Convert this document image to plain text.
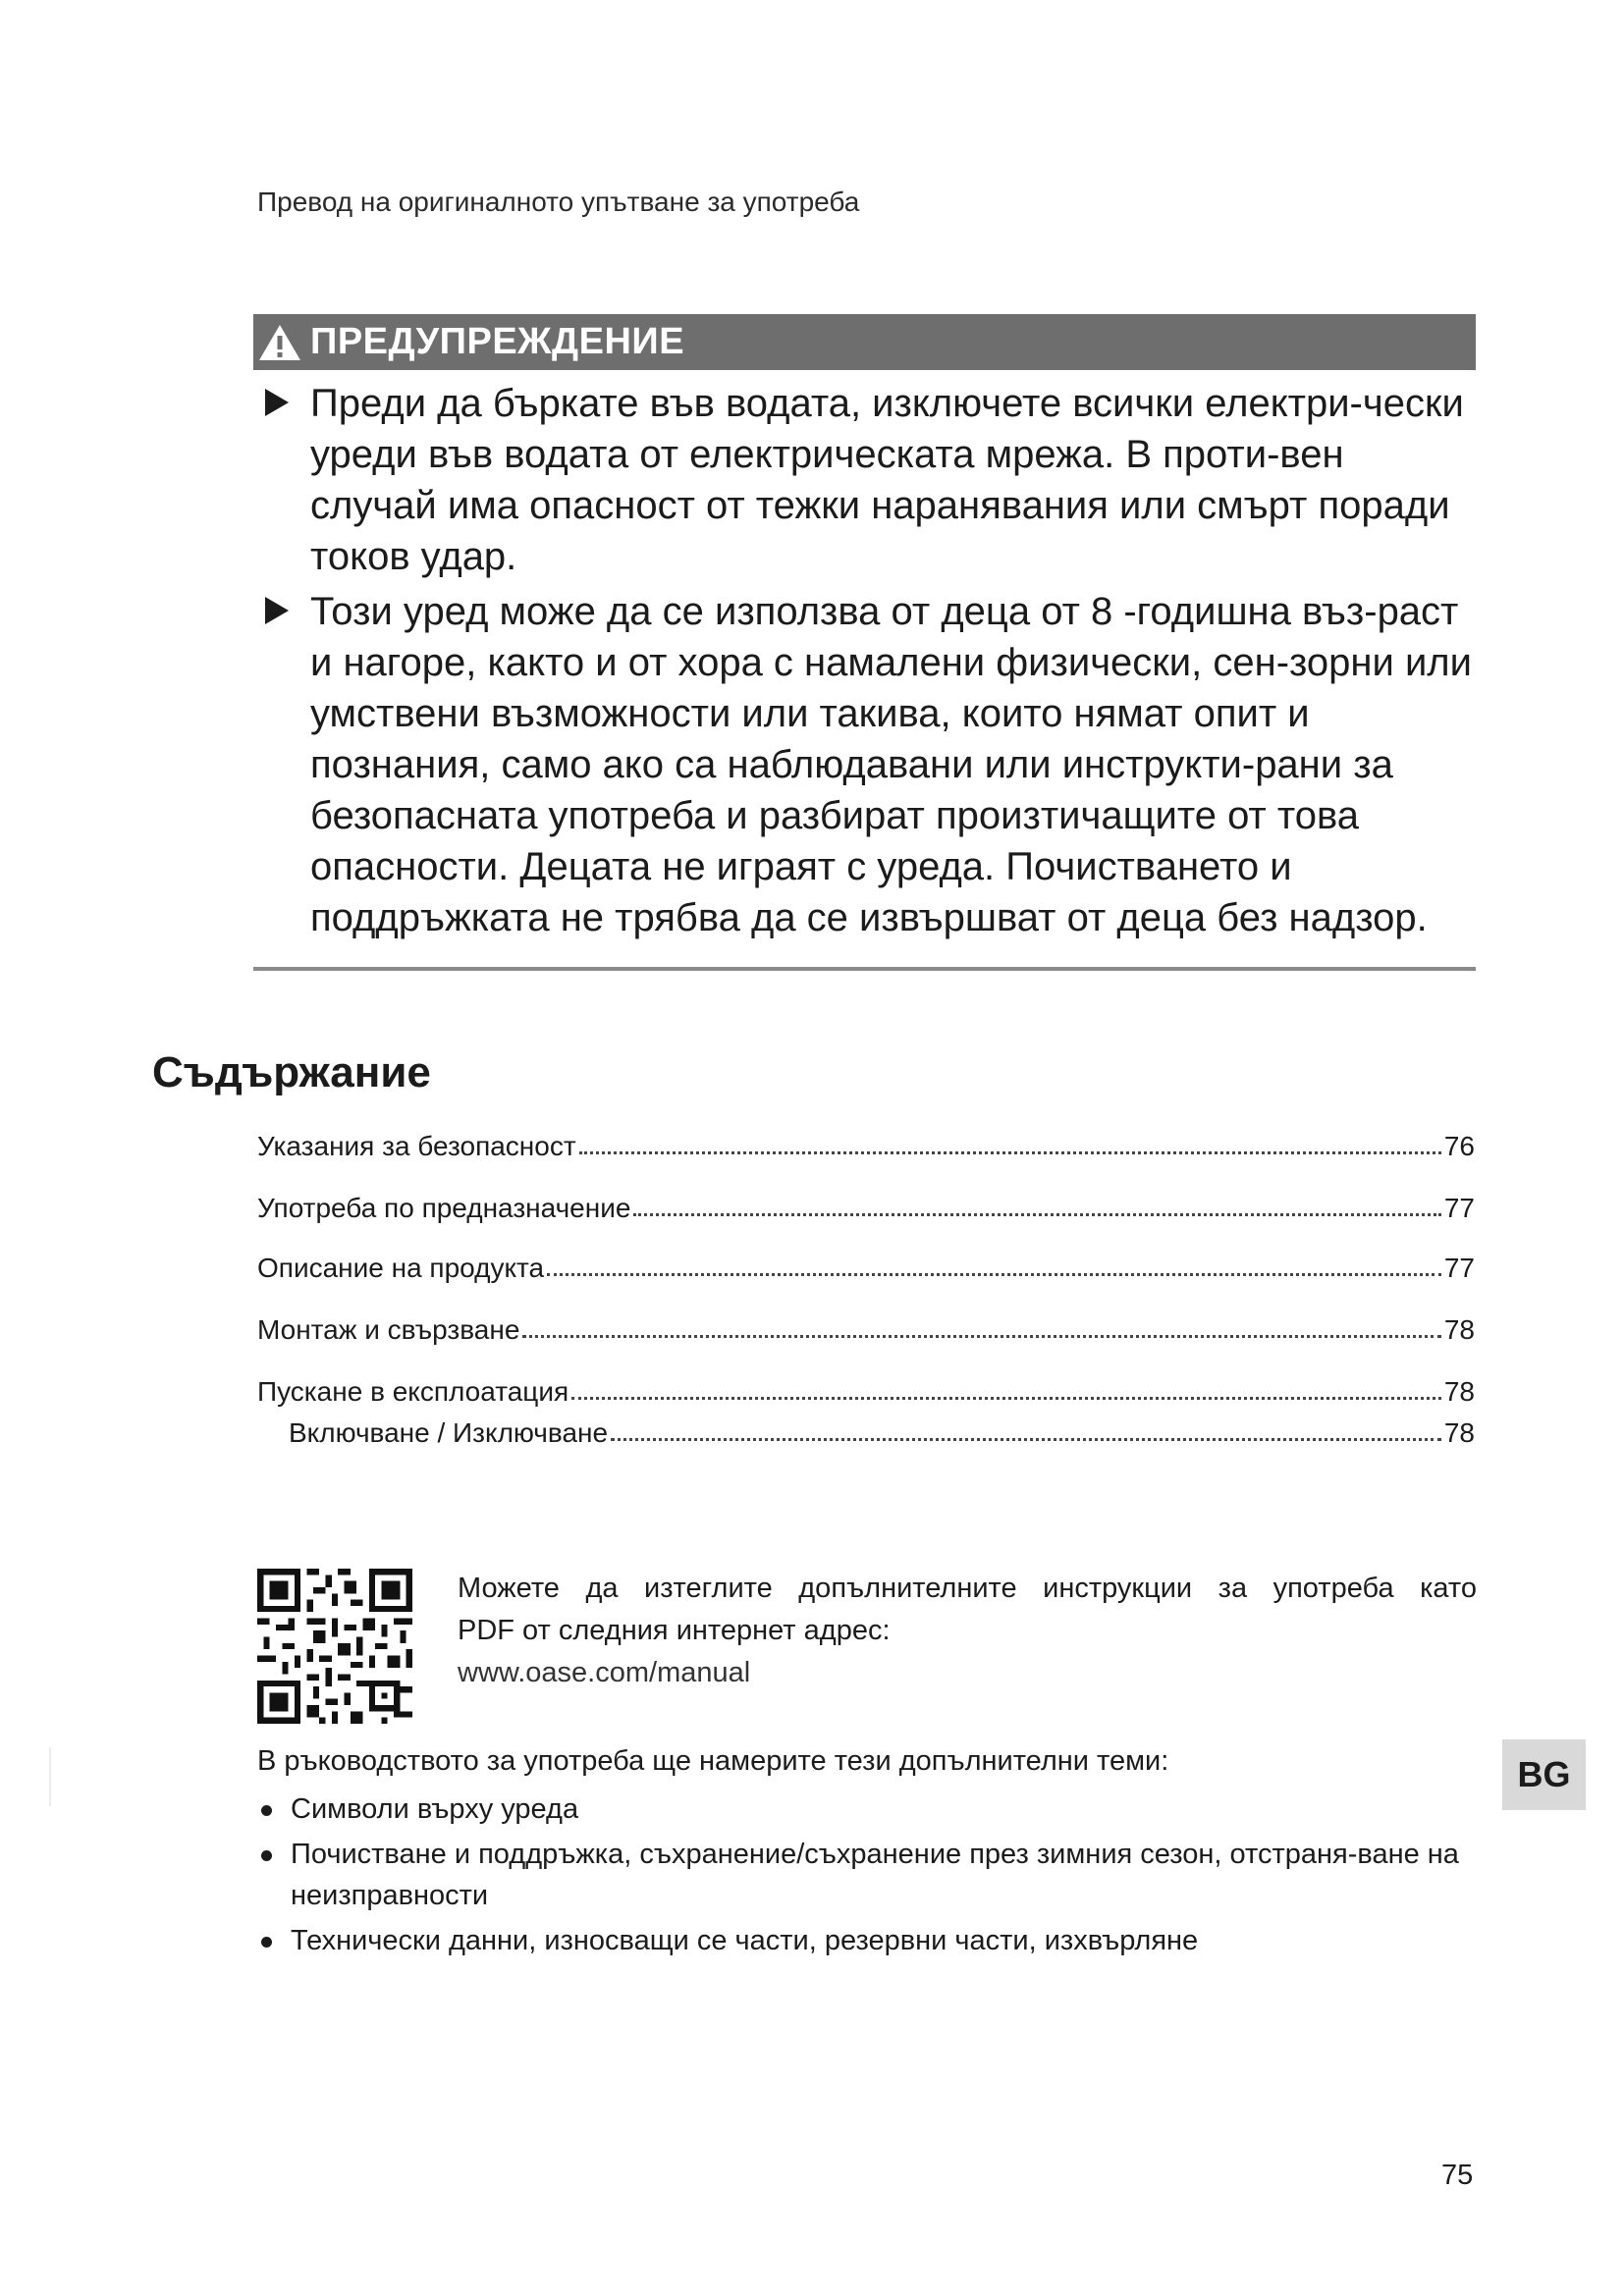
Превод на оригиналното упътване за употреба
ПРЕДУПРЕЖДЕНИЕ
Преди да бъркате във водата, изключете всички електри-чески уреди във водата от електрическата мрежа. В проти-вен случай има опасност от тежки наранявания или смърт поради токов удар.
Този уред може да се използва от деца от 8 -годишна въз-раст и нагоре, както и от хора с намалени физически, сен-зорни или умствени възможности или такива, които нямат опит и познания, само ако са наблюдавани или инструкти-рани за безопасната употреба и разбират произтичащите от това опасности. Децата не играят с уреда. Почистването и поддръжката не трябва да се извършват от деца без надзор.
Съдържание
Указания за безопасност	76
Употреба по предназначение	77
Описание на продукта	77
Монтаж и свързване	78
Пускане в експлоатация	78
Включване / Изключване	78

Можете да изтеглите допълнителните инструкции за употреба като

PDF от следния интернет адрес:

www.oase.com/manual

В ръководството за употреба ще намерите тези допълнителни теми:
Символи върху уреда
Почистване и поддръжка, съхранение/съхранение през зимния сезон, отстраня-ване на неизправности
Технически данни, износващи се части, резервни части, изхвърляне
BG
75
